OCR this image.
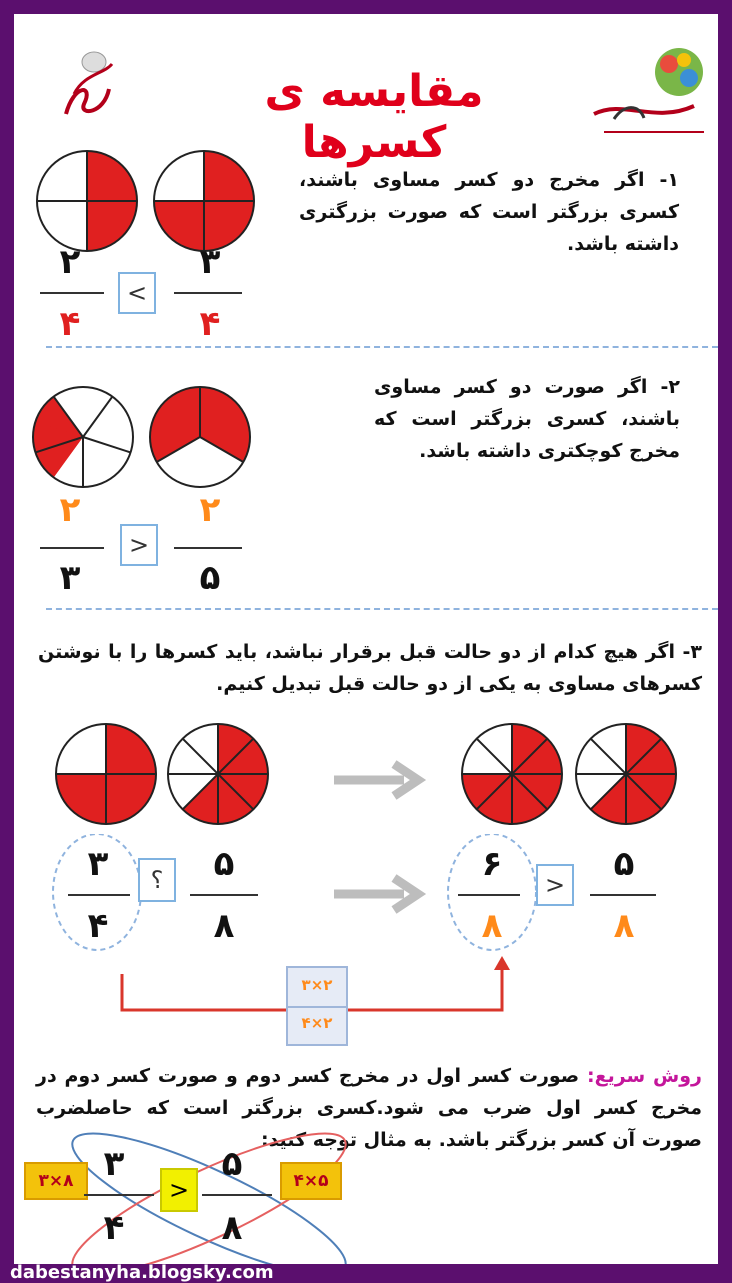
مقایسه ی کسرها
۱- اگر مخرج دو کسر مساوی باشند، کسری بزرگتر است که صورت بزرگتری داشته باشد.
۲
۴
<
۳
۴
۲- اگر صورت دو کسر مساوی باشند، کسری بزرگتر است که مخرج کوچکتری داشته باشد.
۲
۳
>
۲
۵
۳- اگر هیچ کدام از دو حالت قبل برقرار نباشد، باید کسرها را با نوشتن کسرهای مساوی به یکی از دو حالت قبل تبدیل کنیم.
۳
۴
؟	۵
۸
۶
۸
>
۵
۸
۳×۲
۴×۲
روش سریع: صورت کسر اول در مخرج کسر دوم و صورت کسر دوم در مخرج کسر اول ضرب می شود.کسری بزرگتر است که حاصلضرب صورت آن کسر بزرگتر باشد. به مثال توجه کنید:
۳×۸ ۳
۴
>
۵
۸
۴×۵
dabestanyha.blogsky.com
